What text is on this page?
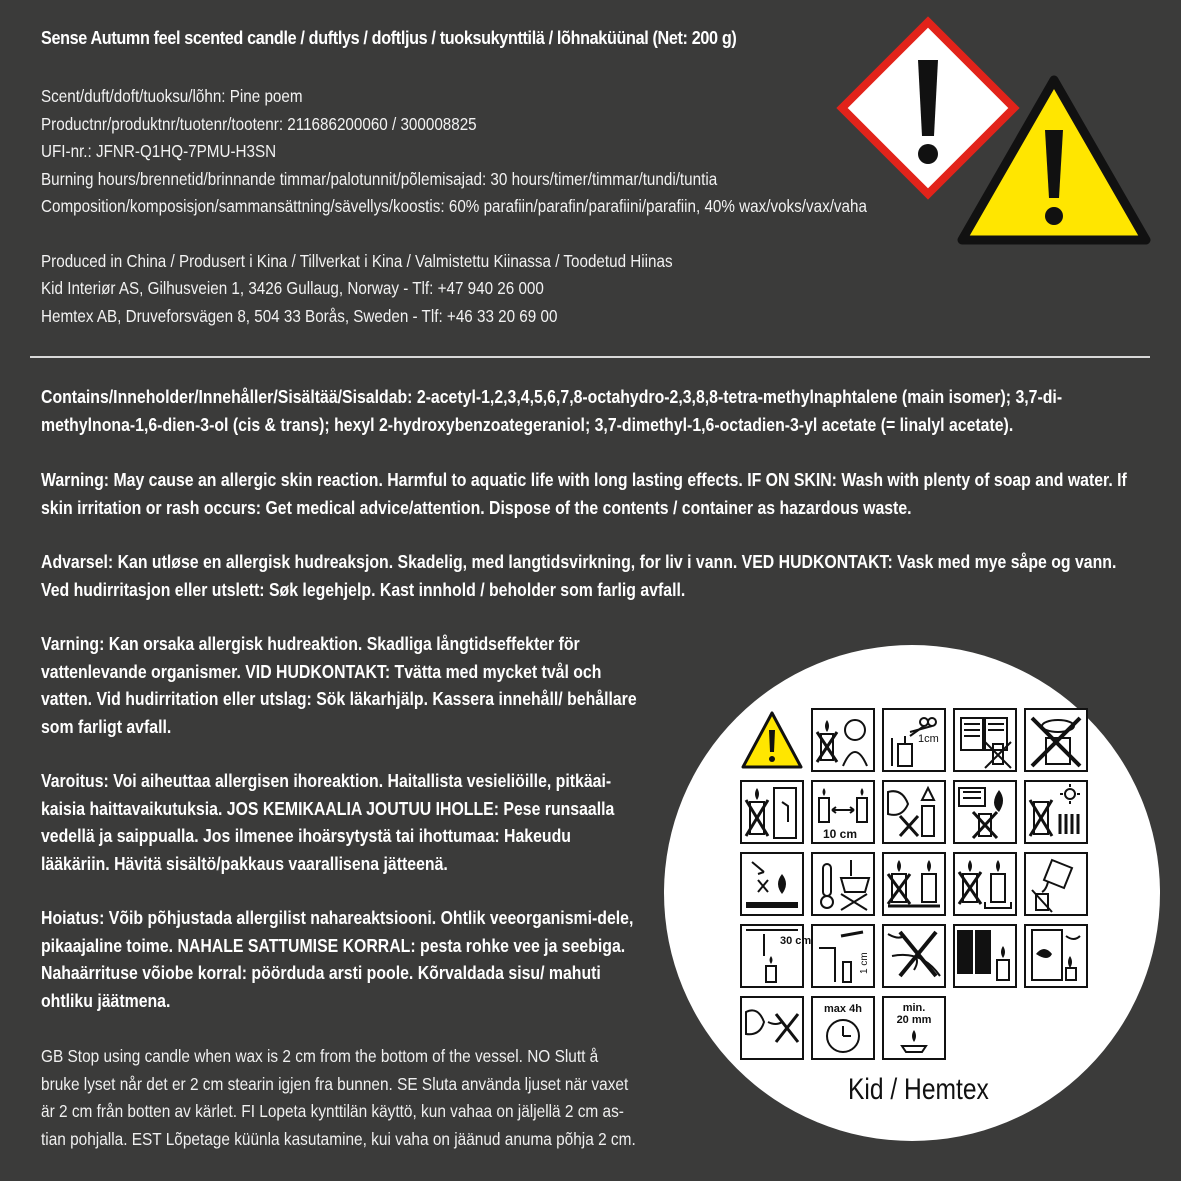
Sense Autumn feel scented candle / duftlys / doftljus / tuoksukynttilä / lõhnaküünal (Net: 200 g)
Scent/duft/doft/tuoksu/lõhn: Pine poem
Productnr/produktnr/tuotenr/tootenr: 211686200060 / 300008825
UFI-nr.: JFNR-Q1HQ-7PMU-H3SN
Burning hours/brennetid/brinnande timmar/palotunnit/põlemisajad: 30 hours/timer/timmar/tundi/tuntia
Composition/komposisjon/sammansättning/sävellys/koostis: 60% parafiin/parafin/parafiini/parafiin, 40% wax/voks/vax/vaha
Produced in China / Produsert i Kina / Tillverkat i Kina / Valmistettu Kiinassa / Toodetud Hiinas
Kid Interiør AS, Gilhusveien 1, 3426 Gullaug, Norway - Tlf: +47 940 26 000
Hemtex AB, Druveforsvägen 8, 504 33 Borås, Sweden - Tlf: +46 33 20 69 00
Contains/Inneholder/Innehåller/Sisältää/Sisaldab: 2-acetyl-1,2,3,4,5,6,7,8-octahydro-2,3,8,8-tetra-methylnaphtalene (main isomer); 3,7-di-methylnona-1,6-dien-3-ol (cis & trans); hexyl 2-hydroxybenzoategeraniol; 3,7-dimethyl-1,6-octadien-3-yl acetate (= linalyl acetate).
Warning: May cause an allergic skin reaction. Harmful to aquatic life with long lasting effects. IF ON SKIN: Wash with plenty of soap and water. If skin irritation or rash occurs: Get medical advice/attention. Dispose of the contents / container as hazardous waste.
Advarsel: Kan utløse en allergisk hudreaksjon. Skadelig, med langtidsvirkning, for liv i vann. VED HUDKONTAKT: Vask med mye såpe og vann. Ved hudirritasjon eller utslett: Søk legehjelp. Kast innhold / beholder som farlig avfall.
Varning: Kan orsaka allergisk hudreaktion. Skadliga långtidseffekter för vattenlevande organismer. VID HUDKONTAKT: Tvätta med mycket tvål och vatten. Vid hudirritation eller utslag: Sök läkarhjälp. Kassera innehåll/ behållare som farligt avfall.
Varoitus: Voi aiheuttaa allergisen ihoreaktion. Haitallista vesieliöille, pitkäai-kaisia haittavaikutuksia. JOS KEMIKAALIA JOUTUU IHOLLE: Pese runsaalla vedellä ja saippualla. Jos ilmenee ihoärsytystä tai ihottumaa: Hakeudu lääkäriin. Hävitä sisältö/pakkaus vaarallisena jätteenä.
Hoiatus: Võib põhjustada allergilist nahareaktsiooni. Ohtlik veeorganismi-dele, pikaajaline toime. NAHALE SATTUMISE KORRAL: pesta rohke vee ja seebiga. Nahaärrituse võiobe korral: pöörduda arsti poole. Kõrvaldada sisu/ mahuti ohtliku jäätmena.
GB Stop using candle when wax is 2 cm from the bottom of the vessel. NO Slutt å bruke lyset når det er 2 cm stearin igjen fra bunnen. SE Sluta använda ljuset när vaxet är 2 cm från botten av kärlet. FI Lopeta kynttilän käyttö, kun vahaa on jäljellä 2 cm as-tian pohjalla. EST Lõpetage küünla kasutamine, kui vaha on jäänud anuma põhja 2 cm.
1cm
10 cm
30 cm
1 cm
max 4h	min. 20 mm
Kid / Hemtex
